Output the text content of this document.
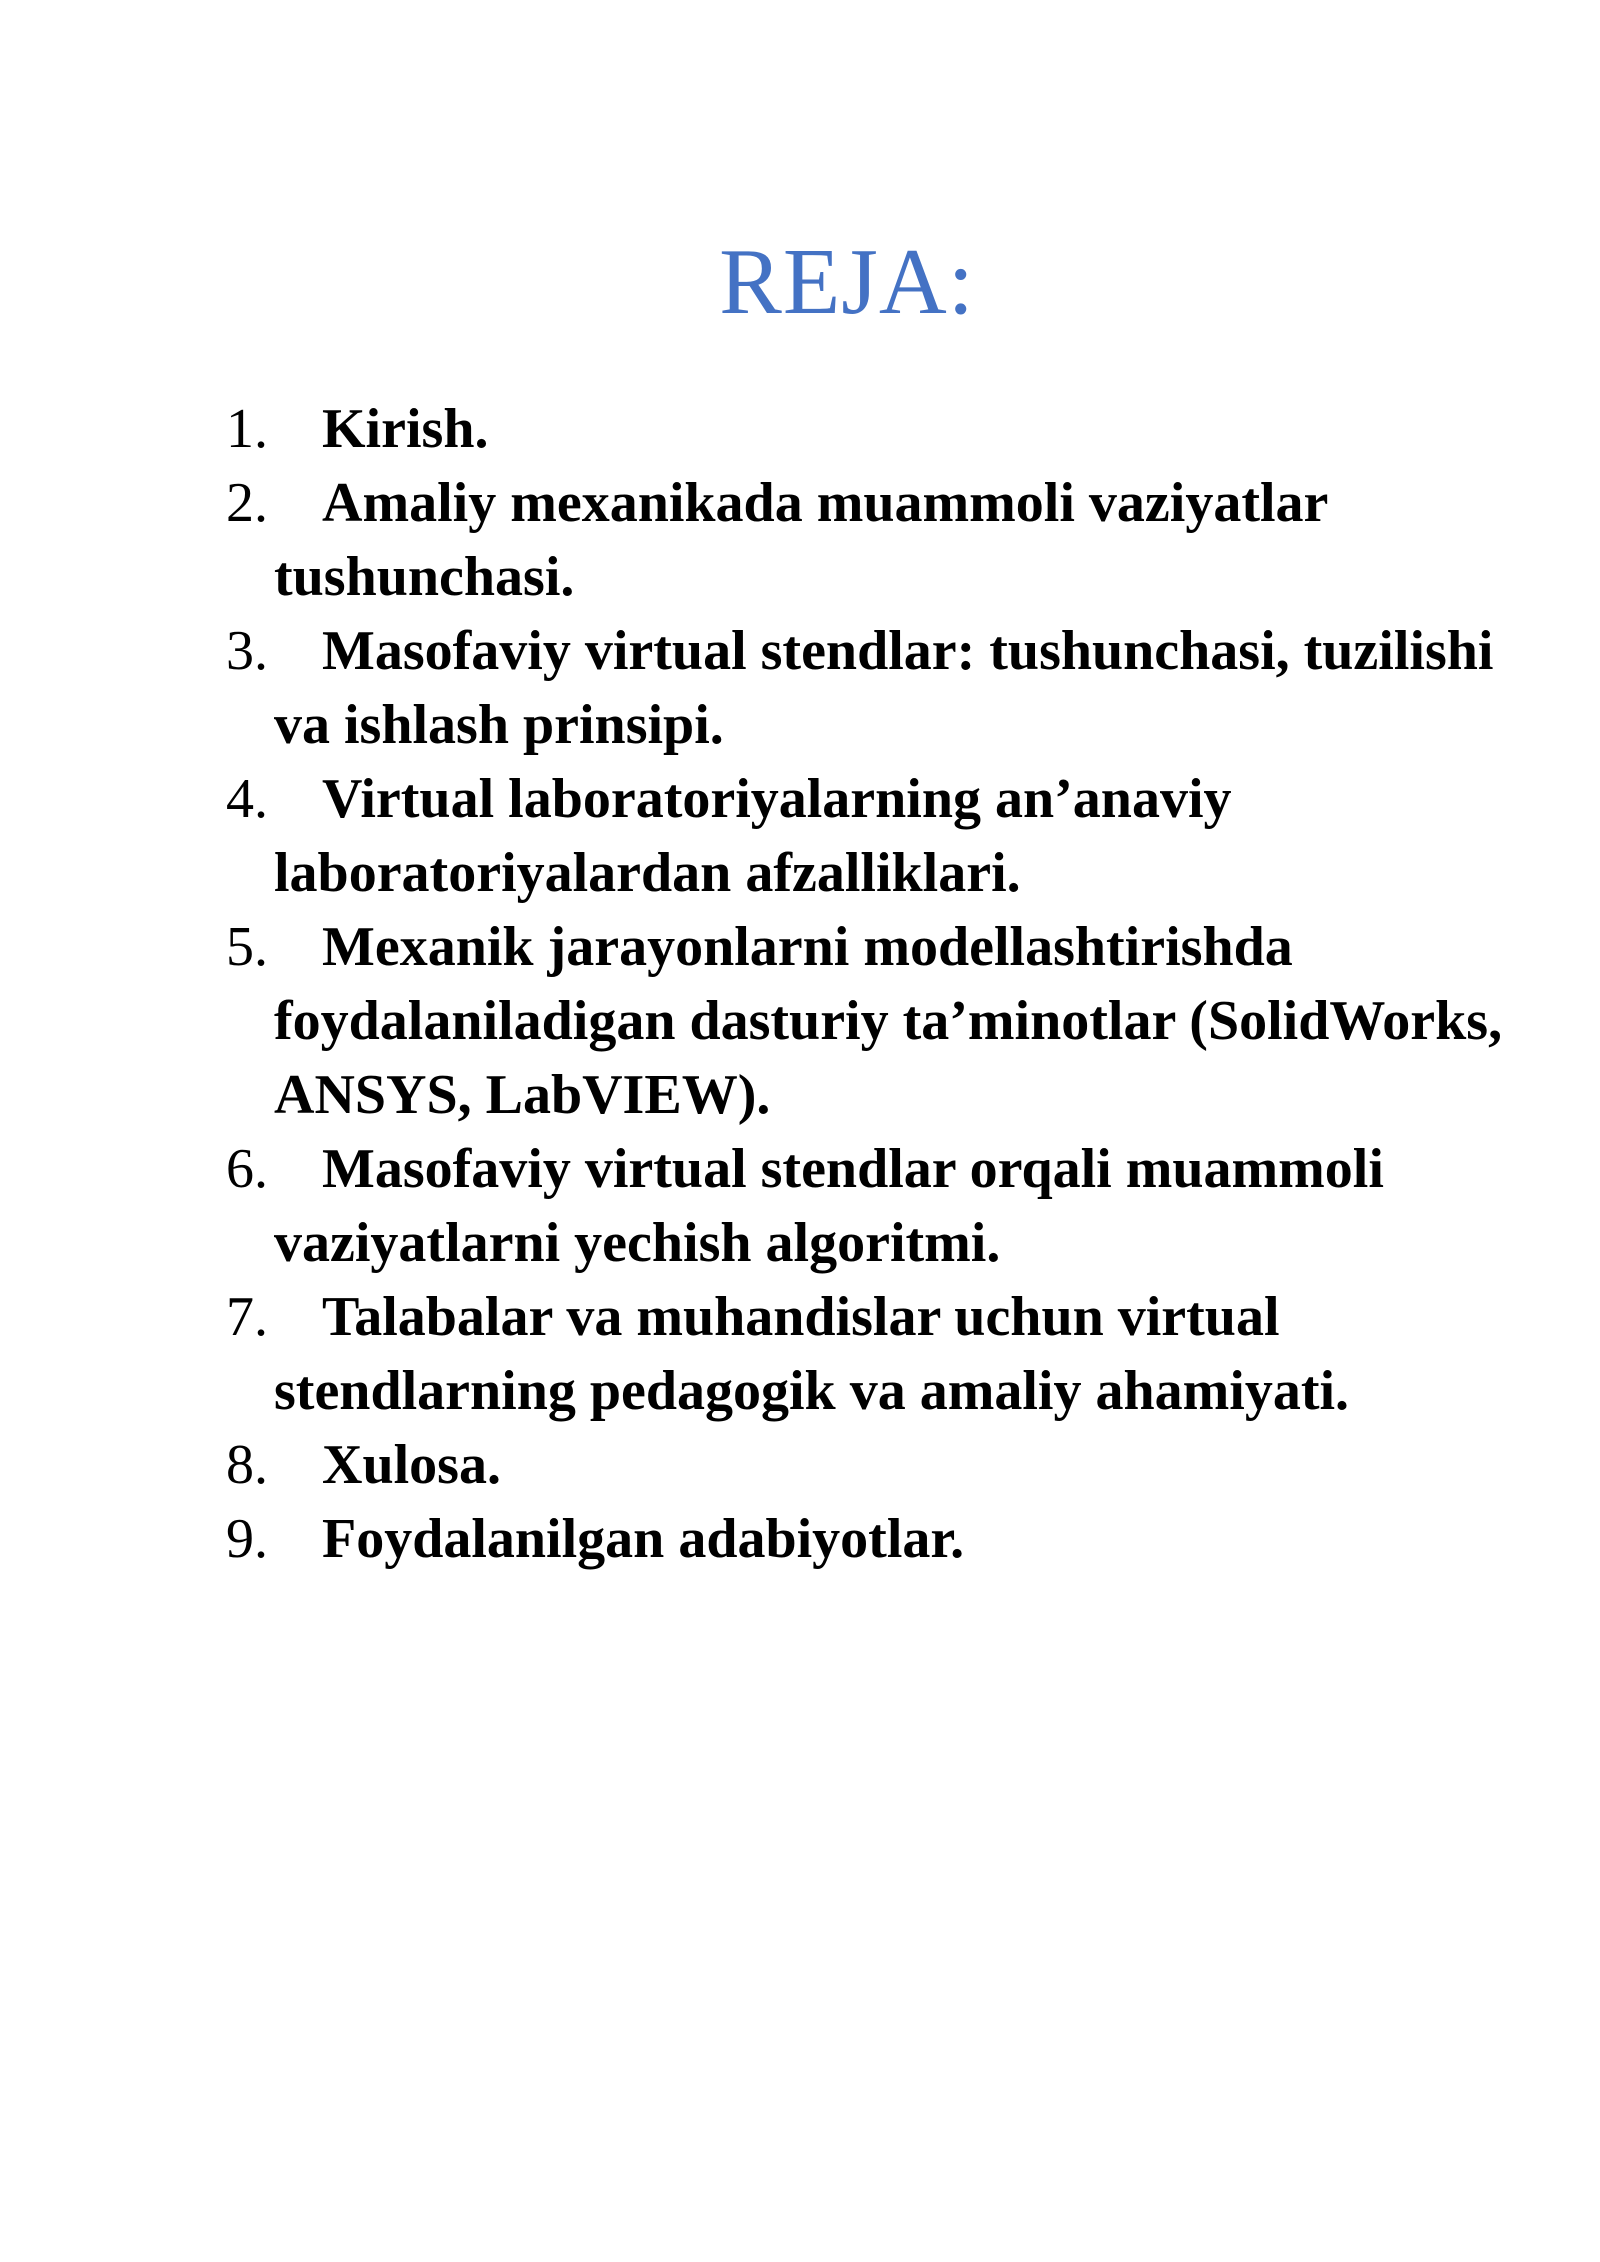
REJA:
1. Kirish.
2. Amaliy mexanikada muammoli vaziyatlar tushunchasi.
3. Masofaviy virtual stendlar: tushunchasi, tuzilishi va ishlash prinsipi.
4. Virtual laboratoriyalarning an’anaviy laboratoriyalardan afzalliklari.
5. Mexanik jarayonlarni modellashtirishda foydalaniladigan dasturiy ta’minotlar (SolidWorks, ANSYS, LabVIEW).
6. Masofaviy virtual stendlar orqali muammoli vaziyatlarni yechish algoritmi.
7. Talabalar va muhandislar uchun virtual stendlarning pedagogik va amaliy ahamiyati.
8. Xulosa.
9. Foydalanilgan adabiyotlar.
